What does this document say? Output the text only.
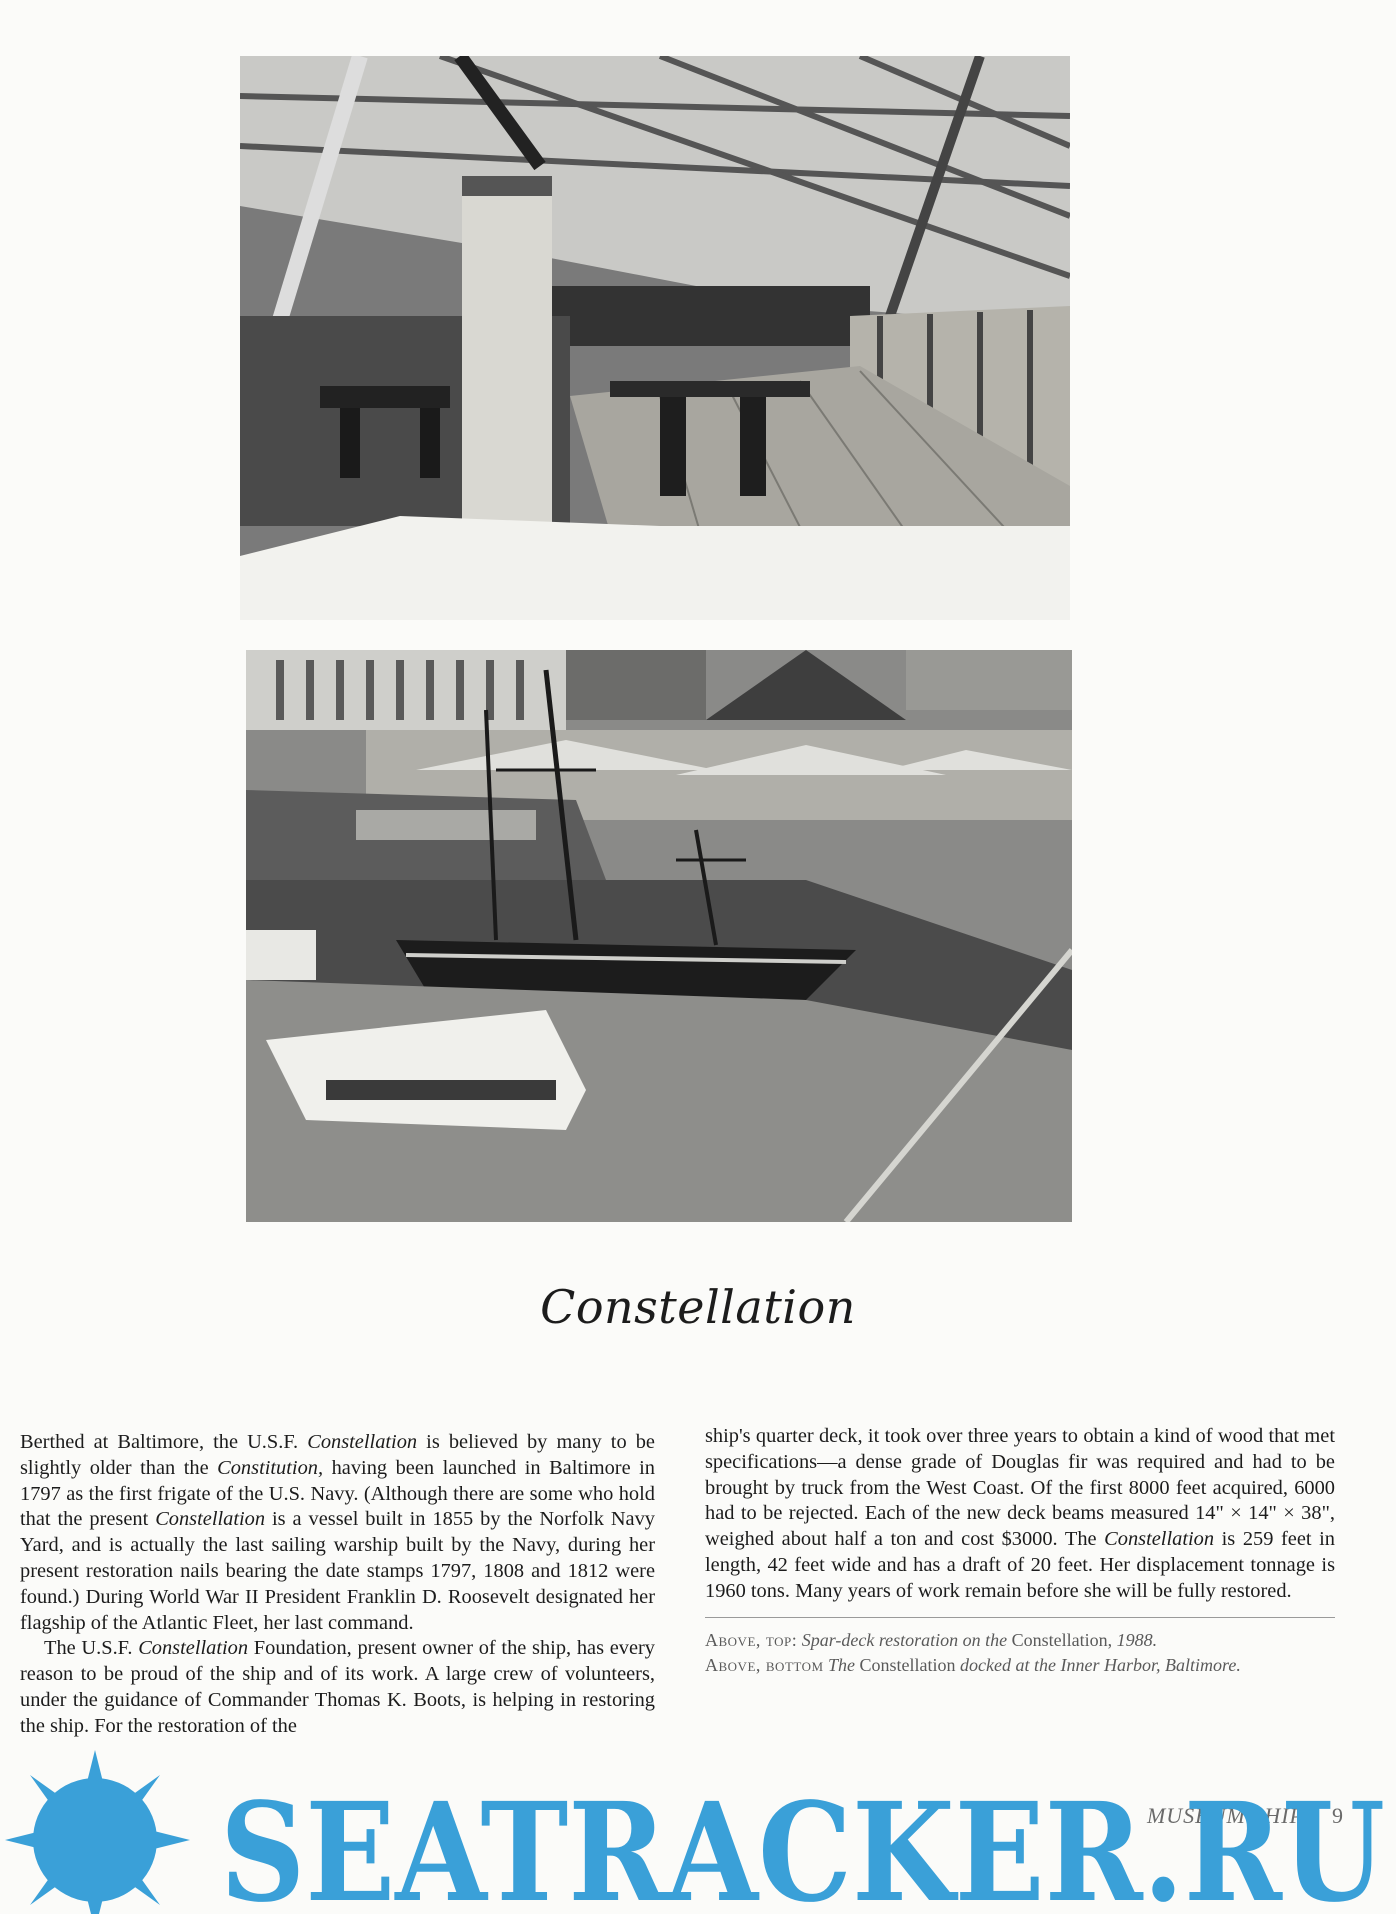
Constellation

Berthed at Baltimore, the U.S.F. Constellation is believed by many to be slightly older than the Constitution, having been launched in Baltimore in 1797 as the first frigate of the U.S. Navy. (Although there are some who hold that the present Constellation is a vessel built in 1855 by the Norfolk Navy Yard, and is actually the last sailing warship built by the Navy, during her present restoration nails bearing the date stamps 1797, 1808 and 1812 were found.) During World War II President Franklin D. Roosevelt designated her flagship of the Atlantic Fleet, her last command.

The U.S.F. Constellation Foundation, present owner of the ship, has every reason to be proud of the ship and of its work. A large crew of volunteers, under the guidance of Commander Thomas K. Boots, is helping in restoring the ship. For the restoration of the

ship's quarter deck, it took over three years to obtain a kind of wood that met specifications—a dense grade of Douglas fir was required and had to be brought by truck from the West Coast. Of the first 8000 feet acquired, 6000 had to be rejected. Each of the new deck beams measured 14" × 14" × 38", weighed about half a ton and cost $3000. The Constellation is 259 feet in length, 42 feet wide and has a draft of 20 feet. Her displacement tonnage is 1960 tons. Many years of work remain before she will be fully restored.

Above, top: Spar-deck restoration on the Constellation, 1988.
Above, bottom The Constellation docked at the Inner Harbor, Baltimore.
MUSEUM SHIPS 9
SEATRACKER.RU
